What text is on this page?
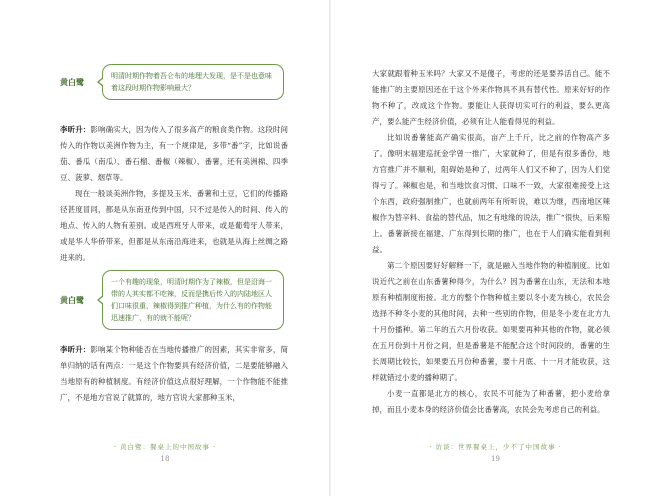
黄白鹭
明清时期作物着吾仑布的地理大发现，是不是也意味着这段时期作物影响最大？

李昕升：影响确实大，因为传入了很多高产的粮食类作物。这段时间传入的作物以美洲作物为主，有一个规律是，多带“番”字，比如说番茄、番瓜（南瓜）、番石榴、番椒（辣椒）、番薯，还有美洲棉、四季豆、菠萝、烟草等。

现在一般谈美洲作物，多提及玉米、番薯和土豆，它们的传播路径甚度冒同，都是从东南亚传到中国，只不过是传入的时间、传入的地点、传入的人物有差别。或是西班牙人带来，或是葡萄牙人带来，或是华人华侨带来，但都是从东南沿海进来，也就是从海上丝绸之路进来的。

黄白鹭
一个有趣的现象，明清时期作为了辣椒，但是沿海一带的人其实都不吃辣，反而是携后传入的内陆地区人们口味很重，辣椒得到推广种植，为什么有的作物能迅速推广，有的就不能呢？

李昕升：影响某个物种能否在当地传播推广的因素，其实非常多，简单归纳的话有两点：一是这个作物要具有经济价值，二是要能够融入当地原有的种植制度。有经济价值这点很好理解，一个作物能不能推广，不是地方官说了就算的，地方官说大家都种玉米，

· 黄白鹭：餐桌上的中国故事 ·
18

大家就跟着种玉米吗？大家又不是傻子，考虑的还是要养活自己。能不能推广的主要原因还在于这个外来作物具不具有替代性。原来好好的作物不种了，改成这个作物。要能让人获得切实可行的利益，要么更高产，要么能产生经济价值，必须有让人能看得见的利益。

比如说番薯能高产确实很高，亩产上千斤，比之前的作物高产多了。像明末福建巡抚金学曾一推广，大家就种了，但是有很多番份，地方官推广并不顺利，阻碍始是种了，过两年人们又不种了，因为人们觉得亏了。辣椒也是，和当地饮食习惯、口味不一致，大家很难接受上这个东西，政府强制推广，也就前两年有所听说，难以为继，西南地区辣椒作为替辛料、食盐的替代品，加之有地缘的说法，推广“很快，后来赔上。番薯新接在福建、广东得到长期的推广，也在于人们确实能看到利益。

第二个原因要好好解释一下，就是融入当地作物的种植制度。比如说近代之前在山东番薯种得少，为什么？因为番薯在山东，无法和本地原有种植制度衔接。北方的整个作物种植主要以冬小麦为核心，农民会选择不种冬小麦的其他时间，去种一些别的作物，但是冬小麦在北方九十月份播种。第二年的五六月份收获。如果要再种其他的作物，就必须在五月份到十月份之间，但是番薯是不能配合这个时间段的，番薯的生长周期比较长，如果要五月份种番薯，要十月底、十一月才能收获，这样就错过小麦的播种期了。

小麦一直都是北方的核心，农民不可能为了种番薯，把小麦给拿掉，而且小麦本身的经济价值会比番薯高，农民会先考虑自己的利益。

· 访谈：世界餐桌上，少不了中国故事 ·
19
